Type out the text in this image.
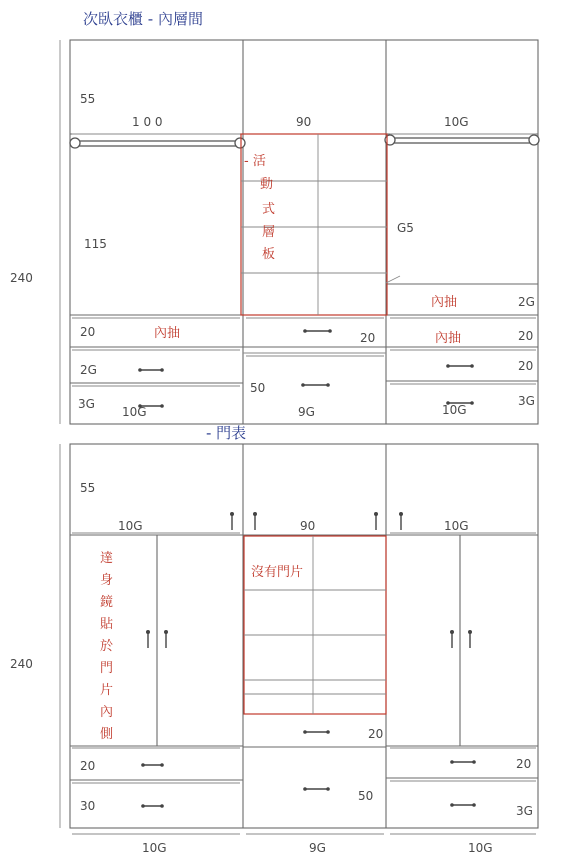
次臥衣櫃 - 內層間
240
55
115
1 0 0	90	10G
G5
20	20
2G
20
20
2G
3G	3G
50
10G	9G	10G
- 活
動
式
層
板
內抽
內抽
內抽
- 門表
240
55
10G	90	10G
20
30
20
3G
20
50
10G	9G	10G
沒有門片
達
身
鏡
貼
於
門
片
內
側
